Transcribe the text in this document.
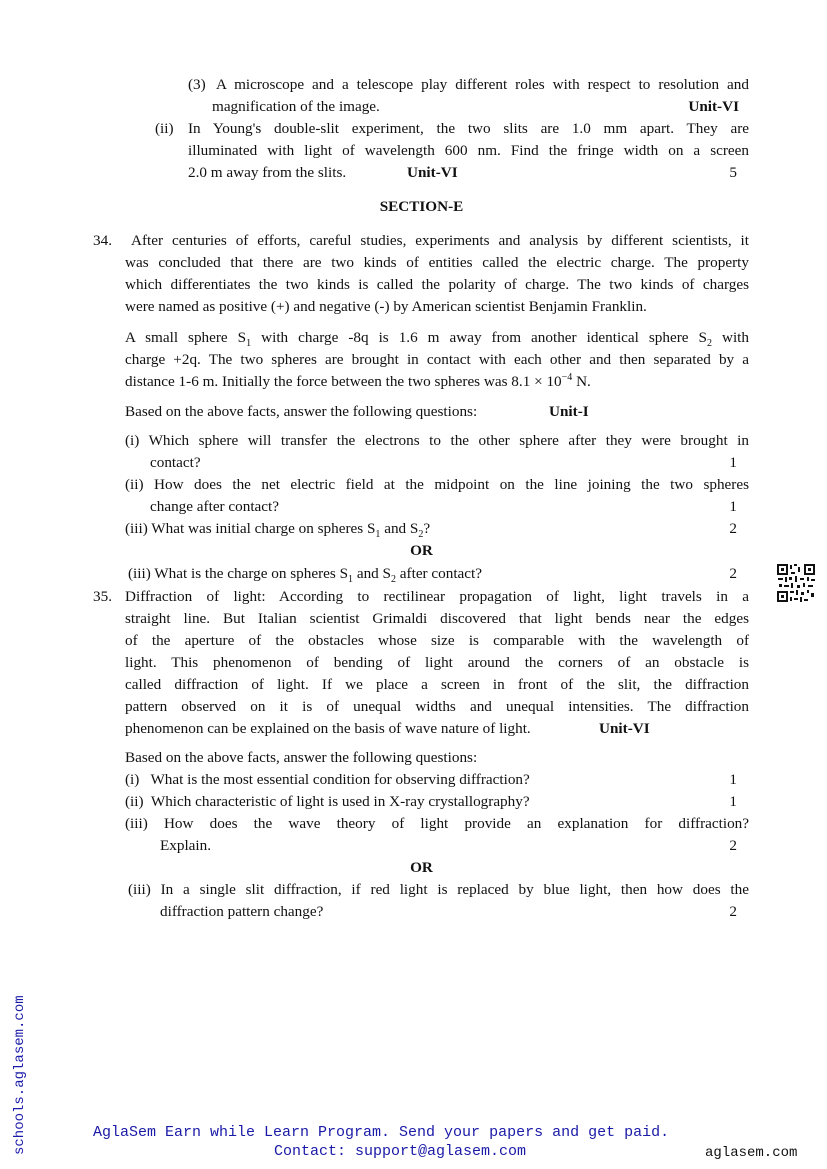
(3) A microscope and a telescope play different roles with respect to resolution and
magnification of the image.	Unit-VI
(ii) In Young's double-slit experiment, the two slits are 1.0 mm apart. They are
illuminated with light of wavelength 600 nm. Find the fringe width on a screen
2.0 m away from the slits.	Unit-VI	5
SECTION-E
34. After centuries of efforts, careful studies, experiments and analysis by different scientists, it
was concluded that there are two kinds of entities called the electric charge. The property
which differentiates the two kinds is called the polarity of charge. The two kinds of charges
were named as positive (+) and negative (-) by American scientist Benjamin Franklin.
A small sphere $S_1$ with charge -8q is 1.6 m away from another identical sphere $S_2$ with
charge +2q. The two spheres are brought in contact with each other and then separated by a
distance 1-6 m. Initially the force between the two spheres was $8.1 \times 10^{-4}$ N.
Based on the above facts, answer the following questions:	Unit-I
(i) Which sphere will transfer the electrons to the other sphere after they were brought in
contact?	1
(ii) How does the net electric field at the midpoint on the line joining the two spheres
change after contact?	1
(iii) What was initial charge on spheres $S_1$ and $S_2$?	2
OR
(iii) What is the charge on spheres $S_1$ and $S_2$ after contact?	2
35. Diffraction of light: According to rectilinear propagation of light, light travels in a
straight line. But Italian scientist Grimaldi discovered that light bends near the edges
of the aperture of the obstacles whose size is comparable with the wavelength of
light. This phenomenon of bending of light around the corners of an obstacle is
called diffraction of light. If we place a screen in front of the slit, the diffraction
pattern observed on it is of unequal widths and unequal intensities. The diffraction
phenomenon can be explained on the basis of wave nature of light.	Unit-VI
Based on the above facts, answer the following questions:
(i)   What is the most essential condition for observing diffraction?	1
(ii)  Which characteristic of light is used in X-ray crystallography?	1
(iii) How does the wave theory of light provide an explanation for diffraction?
Explain.	2
OR
(iii) In a single slit diffraction, if red light is replaced by blue light, then how does the
diffraction pattern change?	2
schools.aglasem.com	AglaSem Earn while Learn Program. Send your papers and get paid.
Contact: support@aglasem.com	aglasem.com
